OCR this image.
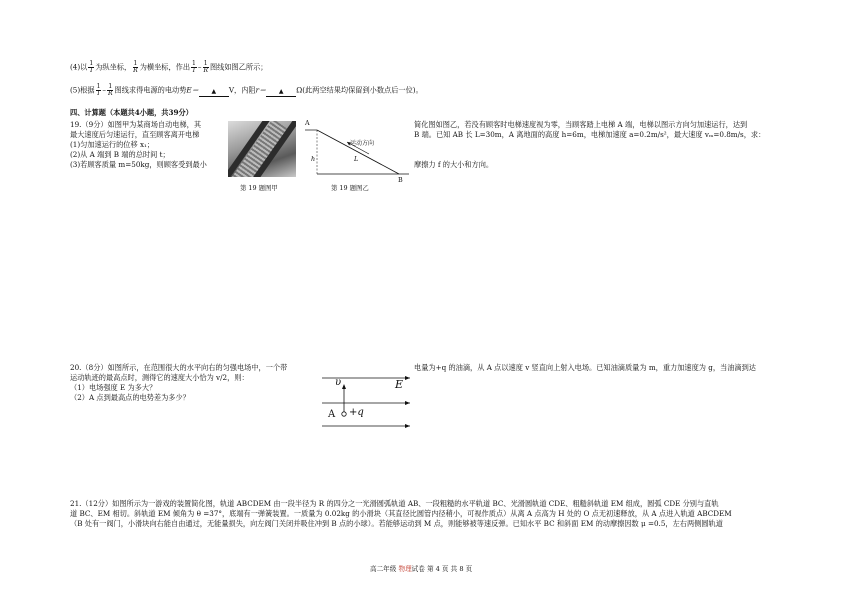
(4)以 $\frac{1}{I}$ 为纵坐标， $\frac{1}{R}$ 为横坐标，作出 $\frac{1}{I} - \frac{1}{R}$ 图线如图乙所示；
(5)根据 $\frac{1}{I} - \frac{1}{R}$ 图线求得电源的电动势E＝ ▲ V，内阻r＝ ▲ Ω(此两空结果均保留到小数点后一位)。
四、计算题（本题共4小题，共39分）
19.（9分）如图甲为某商场自动电梯，其
最大速度后匀速运行，直至顾客离开电梯
(1)匀加速运行的位移 x₁；
(2)从 A 端到 B 端的总时间 t；
(3)若顾客质量 m=50kg，则顾客受到最小
第 19 题图甲
A
h
运动方向
L
B
第 19 题图乙
简化图如图乙，若没有顾客时电梯速度视为零，当顾客踏上电梯 A 端，电梯以图示方向匀加速运行，达到
B 端。已知 AB 长 L=30m，A 离地面的高度 h=6m，电梯加速度 a=0.2m/s²，最大速度 vₘ=0.8m/s，求：
摩擦力 f 的大小和方向。
20.（8分）如图所示，在范围很大的水平向右的匀强电场中，一个带
运动轨迹的最高点时，测得它的速度大小恰为 v/2，则：
（1）电场强度 E 为多大？
（2）A 点到最高点的电势差为多少？
电量为+q 的油滴，从 A 点以速度 v 竖直向上射入电场。已知油滴质量为 m，重力加速度为 g，当油滴到达
υ	E
A +q
21.（12分）如图所示为一游戏的装置简化图，轨道 ABCDEM 由一段半径为 R 的四分之一光滑圆弧轨道 AB、一段粗糙的水平轨道 BC、光滑圆轨道 CDE、粗糙斜轨道 EM 组成，圆弧 CDE 分别与直轨
道 BC、EM 相切。斜轨道 EM 倾角为 θ =37°，底端有一弹簧装置。一质量为 0.02kg 的小滑块（其直径比圆管内径稍小，可视作质点）从离 A 点高为 H 处的 O 点无初速释放，从 A 点进入轨道 ABCDEM
（B 处有一阀门，小滑块向右能自由通过，无能量损失，向左阀门关闭并吸住冲到 B 点的小球）。若能够运动到 M 点，则能够被等速反弹。已知水平 BC 和斜面 EM 的动摩擦因数 μ =0.5，左右两侧圆轨道
高二年级 物理试卷 第 4 页 共 8 页
